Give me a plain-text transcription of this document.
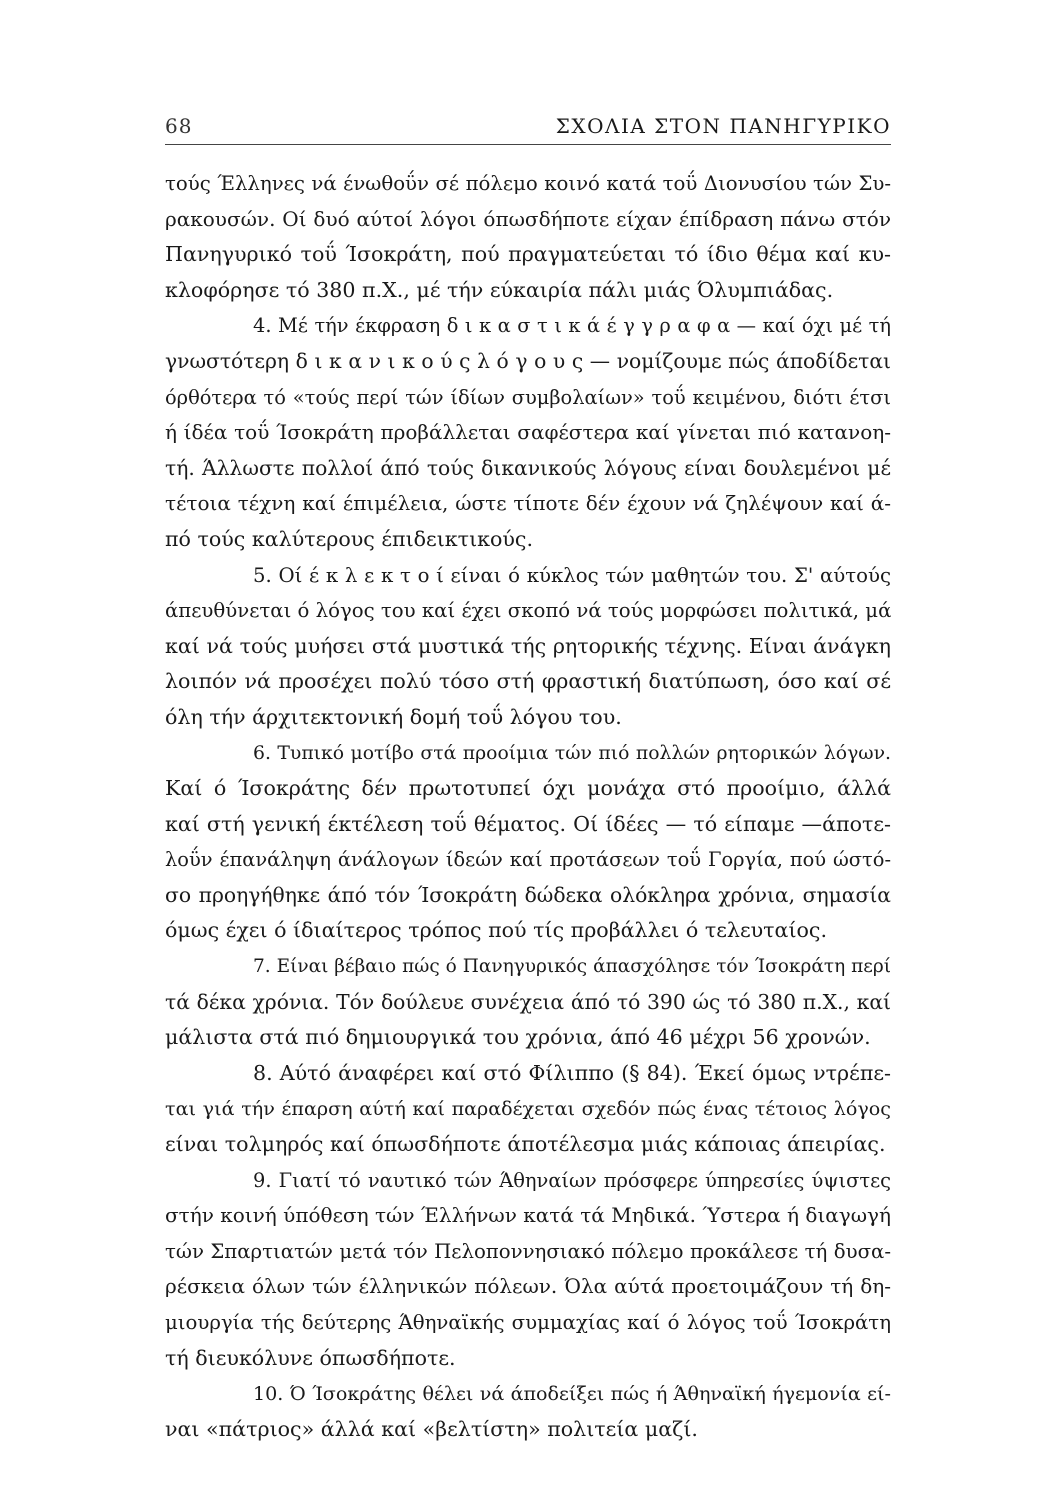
68	ΣΧΟΛΙΑ ΣΤΟΝ ΠΑΝΗΓΥΡΙΚΟ
τούς Έλληνες νά ένωθοΰν σέ πόλεμο κοινό κατά τοΰ Διονυσίου τών Συ-
ρακουσών. Οί δυό αύτοί λόγοι όπωσδήποτε είχαν έπίδραση πάνω στόν
Πανηγυρικό τοΰ Ίσοκράτη, πού πραγματεύεται τό ίδιο θέμα καί κυ-
κλοφόρησε τό 380 π.Χ., μέ τήν εύκαιρία πάλι μιάς Όλυμπιάδας.
4. Μέ τήν έκφραση δ ι κ α σ τ ι κ ά έ γ γ ρ α φ α — καί όχι μέ τή
γνωστότερη δ ι κ α ν ι κ ο ύ ς λ ό γ ο υ ς — νομίζουμε πώς άποδίδεται
όρθότερα τό «τούς περί τών ίδίων συμβολαίων» τοΰ κειμένου, διότι έτσι
ή ίδέα τοΰ Ίσοκράτη προβάλλεται σαφέστερα καί γίνεται πιό κατανοη-
τή. Άλλωστε πολλοί άπό τούς δικανικούς λόγους είναι δουλεμένοι μέ
τέτοια τέχνη καί έπιμέλεια, ώστε τίποτε δέν έχουν νά ζηλέψουν καί ά-
πό τούς καλύτερους έπιδεικτικούς.
5. Οί έ κ λ ε κ τ ο ί είναι ό κύκλος τών μαθητών του. Σ' αύτούς
άπευθύνεται ό λόγος του καί έχει σκοπό νά τούς μορφώσει πολιτικά, μά
καί νά τούς μυήσει στά μυστικά τής ρητορικής τέχνης. Είναι άνάγκη
λοιπόν νά προσέχει πολύ τόσο στή φραστική διατύπωση, όσο καί σέ
όλη τήν άρχιτεκτονική δομή τοΰ λόγου του.
6. Τυπικό μοτίβο στά προοίμια τών πιό πολλών ρητορικών λόγων.
Καί ό Ίσοκράτης δέν πρωτοτυπεί όχι μονάχα στό προοίμιο, άλλά
καί στή γενική έκτέλεση τοΰ θέματος. Οί ίδέες — τό είπαμε —άποτε-
λοΰν έπανάληψη άνάλογων ίδεών καί προτάσεων τοΰ Γοργία, πού ώστό-
σο προηγήθηκε άπό τόν Ίσοκράτη δώδεκα ολόκληρα χρόνια, σημασία
όμως έχει ό ίδιαίτερος τρόπος πού τίς προβάλλει ό τελευταίος.
7. Είναι βέβαιο πώς ό Πανηγυρικός άπασχόλησε τόν Ίσοκράτη περί
τά δέκα χρόνια. Τόν δούλευε συνέχεια άπό τό 390 ώς τό 380 π.Χ., καί
μάλιστα στά πιό δημιουργικά του χρόνια, άπό 46 μέχρι 56 χρονών.
8. Αύτό άναφέρει καί στό Φίλιππο (§ 84). Έκεί όμως ντρέπε-
ται γιά τήν έπαρση αύτή καί παραδέχεται σχεδόν πώς ένας τέτοιος λόγος
είναι τολμηρός καί όπωσδήποτε άποτέλεσμα μιάς κάποιας άπειρίας.
9. Γιατί τό ναυτικό τών Άθηναίων πρόσφερε ύπηρεσίες ύψιστες
στήν κοινή ύπόθεση τών Έλλήνων κατά τά Μηδικά. Ύστερα ή διαγωγή
τών Σπαρτιατών μετά τόν Πελοποννησιακό πόλεμο προκάλεσε τή δυσα-
ρέσκεια όλων τών έλληνικών πόλεων. Όλα αύτά προετοιμάζουν τή δη-
μιουργία τής δεύτερης Άθηναϊκής συμμαχίας καί ό λόγος τοΰ Ίσοκράτη
τή διευκόλυνε όπωσδήποτε.
10. Ό Ίσοκράτης θέλει νά άποδείξει πώς ή Άθηναϊκή ήγεμονία εί-
ναι «πάτριος» άλλά καί «βελτίστη» πολιτεία μαζί.
